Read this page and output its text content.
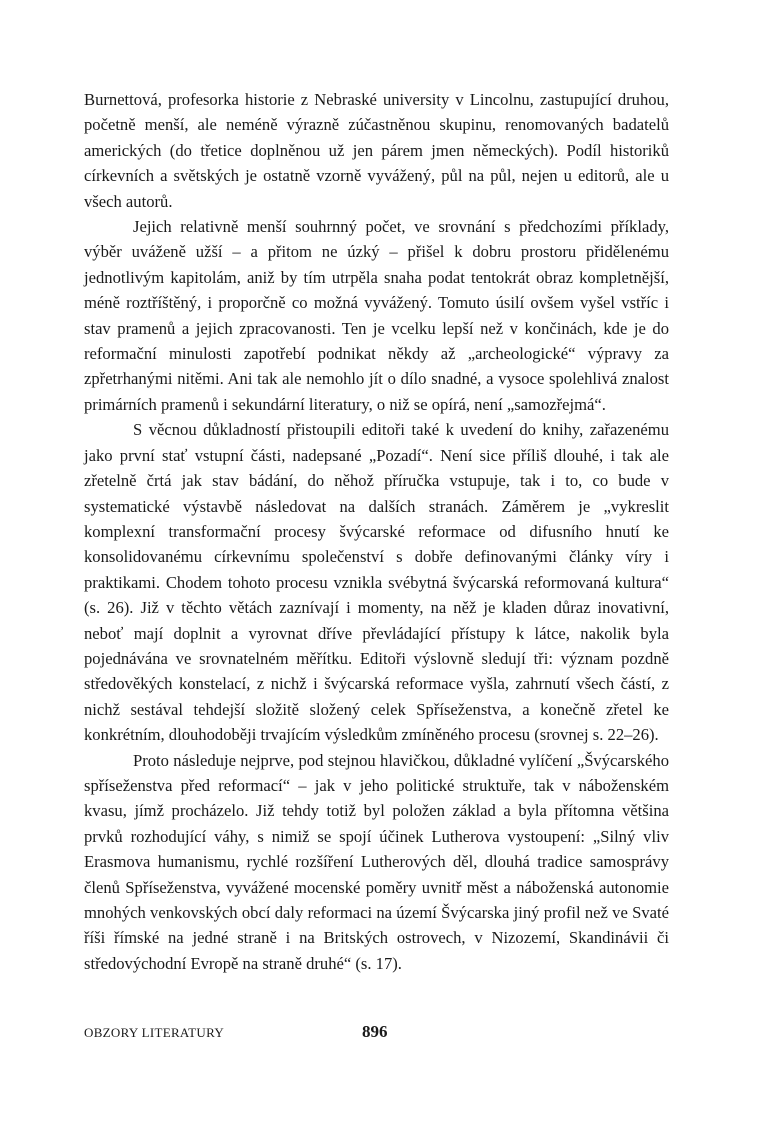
Burnettová, profesorka historie z Nebraské university v Lincolnu, zastupující druhou, početně menší, ale neméně výrazně zúčastněnou skupinu, renomovaných badatelů amerických (do třetice doplněnou už jen párem jmen německých). Podíl historiků církevních a světských je ostatně vzorně vyvážený, půl na půl, nejen u editorů, ale u všech autorů.

Jejich relativně menší souhrnný počet, ve srovnání s předchozími příklady, výběr uváženě užší – a přitom ne úzký – přišel k dobru prostoru přidělenému jednotlivým kapitolám, aniž by tím utrpěla snaha podat tentokrát obraz kompletnější, méně roztříštěný, i proporčně co možná vyvážený. Tomuto úsilí ovšem vyšel vstříc i stav pramenů a jejich zpracovanosti. Ten je vcelku lepší než v končinách, kde je do reformační minulosti zapotřebí podnikat někdy až „archeologické“ výpravy za zpřetrhanými nitěmi. Ani tak ale nemohlo jít o dílo snadné, a vysoce spolehlivá znalost primárních pramenů i sekundární literatury, o niž se opírá, není „samozřejmá“.

S věcnou důkladností přistoupili editoři také k uvedení do knihy, zařazenému jako první stať vstupní části, nadepsané „Pozadí“. Není sice příliš dlouhé, i tak ale zřetelně črtá jak stav bádání, do něhož příručka vstupuje, tak i to, co bude v systematické výstavbě následovat na dalších stranách. Záměrem je „vykreslit komplexní transformační procesy švýcarské reformace od difusního hnutí ke konsolidovanému církevnímu společenství s dobře definovanými články víry i praktikami. Chodem tohoto procesu vznikla svébytná švýcarská reformovaná kultura“ (s. 26). Již v těchto větách zaznívají i momenty, na něž je kladen důraz inovativní, neboť mají doplnit a vyrovnat dříve převládající přístupy k látce, nakolik byla pojednávána ve srovnatelném měřítku. Editoři výslovně sledují tři: význam pozdně středověkých konstelací, z nichž i švýcarská reformace vyšla, zahrnutí všech částí, z nichž sestával tehdejší složitě složený celek Spříseženstva, a konečně zřetel ke konkrétním, dlouhodoběji trvajícím výsledkům zmíněného procesu (srovnej s. 22–26).

Proto následuje nejprve, pod stejnou hlavičkou, důkladné vylíčení „Švýcarského spříseženstva před reformací“ – jak v jeho politické struktuře, tak v náboženském kvasu, jímž procházelo. Již tehdy totiž byl položen základ a byla přítomna většina prvků rozhodující váhy, s nimiž se spojí účinek Lutherova vystoupení: „Silný vliv Erasmova humanismu, rychlé rozšíření Lutherových děl, dlouhá tradice samosprávy členů Spříseženstva, vyvážené mocenské poměry uvnitř měst a náboženská autonomie mnohých venkovských obcí daly reformaci na území Švýcarska jiný profil než ve Svaté říši římské na jedné straně i na Britských ostrovech, v Nizozemí, Skandinávii či středovýchodní Evropě na straně druhé“ (s. 17).

OBZORY LITERATURY	896
